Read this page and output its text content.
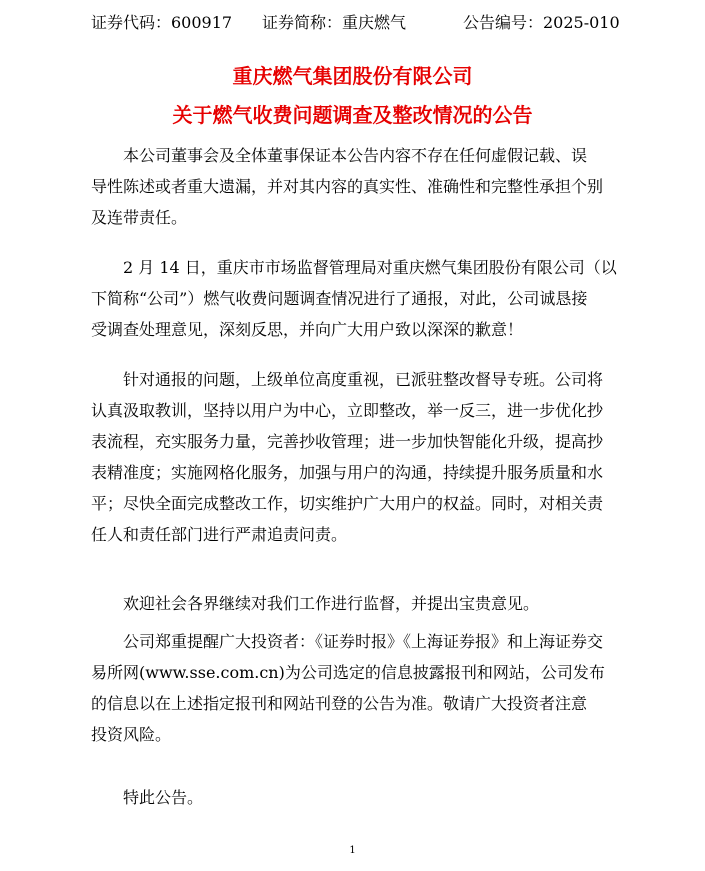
证券代码：600917 证券简称：重庆燃气	公告编号：2025-010
重庆燃气集团股份有限公司
关于燃气收费问题调查及整改情况的公告
本公司董事会及全体董事保证本公告内容不存在任何虚假记载、误
导性陈述或者重大遗漏，并对其内容的真实性、准确性和完整性承担个别
及连带责任。
2 月 14 日，重庆市市场监督管理局对重庆燃气集团股份有限公司（以
下简称“公司”）燃气收费问题调查情况进行了通报，对此，公司诚恳接
受调查处理意见，深刻反思，并向广大用户致以深深的歉意！
针对通报的问题，上级单位高度重视，已派驻整改督导专班。公司将
认真汲取教训，坚持以用户为中心，立即整改，举一反三，进一步优化抄
表流程，充实服务力量，完善抄收管理；进一步加快智能化升级，提高抄
表精准度；实施网格化服务，加强与用户的沟通，持续提升服务质量和水
平；尽快全面完成整改工作，切实维护广大用户的权益。同时，对相关责
任人和责任部门进行严肃追责问责。
欢迎社会各界继续对我们工作进行监督，并提出宝贵意见。
公司郑重提醒广大投资者：《证券时报》《上海证券报》和上海证券交
易所网(www.sse.com.cn)为公司选定的信息披露报刊和网站，公司发布
的信息以在上述指定报刊和网站刊登的公告为准。敬请广大投资者注意
投资风险。
特此公告。
1
